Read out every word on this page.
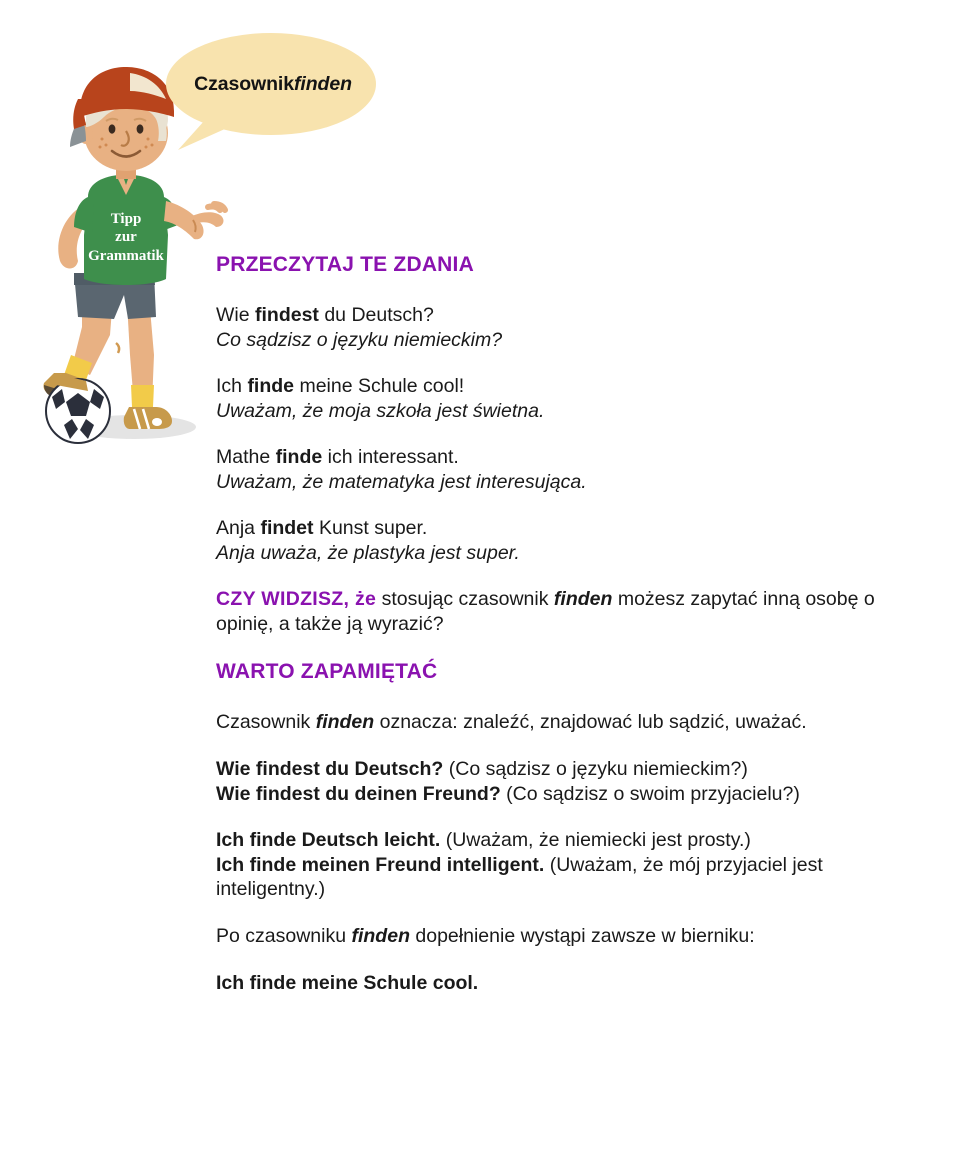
Tipp
zur
Grammatik
Czasownik finden
PRZECZYTAJ TE ZDANIA
Wie findest du Deutsch?
Co sądzisz o języku niemieckim?
Ich finde meine Schule cool!
Uważam, że moja szkoła jest świetna.
Mathe finde ich interessant.
Uważam, że matematyka jest interesująca.
Anja findet Kunst super.
Anja uważa, że plastyka jest super.
CZY WIDZISZ, że stosując czasownik finden możesz zapytać inną osobę o opinię, a także ją wyrazić?
WARTO ZAPAMIĘTAĆ
Czasownik finden oznacza: znaleźć, znajdować lub sądzić, uważać.
Wie findest du Deutsch? (Co sądzisz o języku niemieckim?)
Wie findest du deinen Freund? (Co sądzisz o swoim przyjacielu?)
Ich finde Deutsch leicht. (Uważam, że niemiecki jest prosty.)
Ich finde meinen Freund intelligent. (Uważam, że mój przyjaciel jest inteligentny.)
Po czasowniku finden dopełnienie wystąpi zawsze w bierniku:
Ich finde meine Schule cool.
